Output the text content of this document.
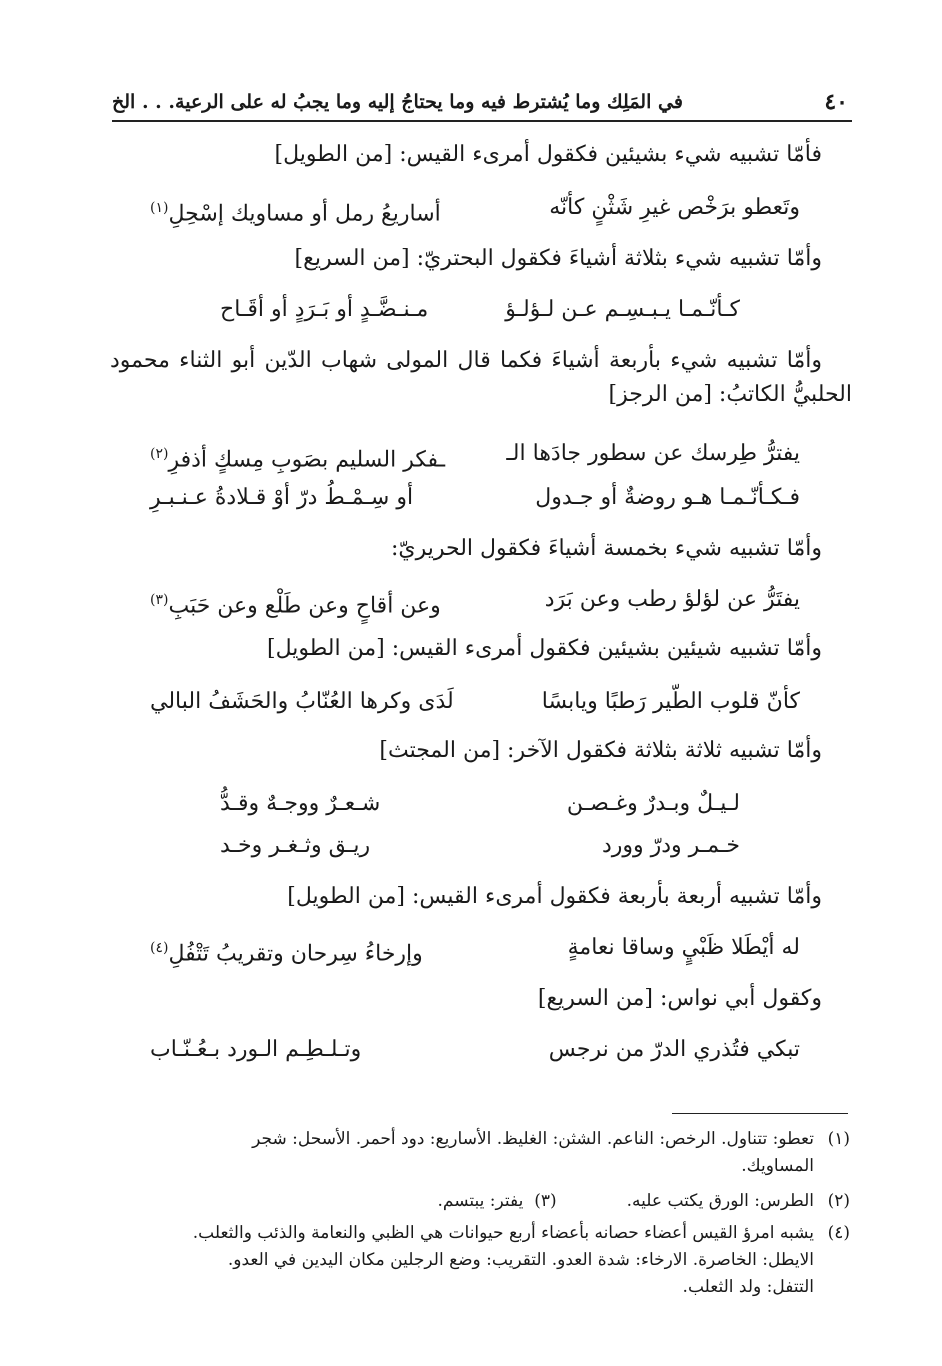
٤٠
في المَلِك وما يُشترط فيه وما يحتاجُ إليه وما يجبُ له على الرعية. . . الخ
فأمّا تشبيه شيء بشيئين فكقول أمرىء القيس: [من الطويل]
وتَعطو برَخْص غيرِ شَثْنٍ كأنّه
أساريعُ رمل أو مساويك إسْحِلِ$^{(١)}$
وأمّا تشبيه شيء بثلاثة أشياءَ فكقول البحتريّ: [من السريع]
كـأنّـمـا يـبـسِـم عـن لـؤلـؤ
مـنـضَّـدٍ أو بَـرَدٍ أو أقَـاح
وأمّا تشبيه شيء بأربعة أشياءَ فكما قال المولى شهاب الدّين أبو الثناء محمود
الحلبيُّ الكاتبُ: [من الرجز]
يفترُّ طِرسك عن سطور جادَها الـ
ـفكر السليم بصَوبِ مِسكٍ أذفرِ$^{(٢)}$
فـكـأنّـمـا هـو روضةٌ أو جـدول
أو سِـمْـطُ درّ أوْ قـلادةُ عـنـبـرِ
وأمّا تشبيه شيء بخمسة أشياءَ فكقول الحريريّ:
يفتَرُّ عن لؤلؤ رطب وعن بَرَد
وعن أقاحٍ وعن طَلْع وعن حَبَبِ$^{(٣)}$
وأمّا تشبيه شيئين بشيئين فكقول أمرىء القيس: [من الطويل]
كأنّ قلوب الطّير رَطبًا ويابسًا
لَدَى وكرها العُنّابُ والحَشَفُ البالي
وأمّا تشبيه ثلاثة بثلاثة فكقول الآخر: [من المجتث]
لـيـلٌ وبـدرٌ وغـصـن
شـعـرٌ ووجـهٌ وقـدُّ
خـمـر ودرّ وورد
ريـق وثـغـر وخـد
وأمّا تشبيه أربعة بأربعة فكقول أمرىء القيس: [من الطويل]
له أيْطَلا ظَبْيٍ وساقا نعامةٍ
وإرخاءُ سِرحان وتقريبُ تَتْفُلِ$^{(٤)}$
وكقول أبي نواس: [من السريع]
تبكي فتُذري الدرّ من نرجس
وتـلـطِـم الـورد بـعُـنّـاب
(١)تعطو: تتناول. الرخص: الناعم. الشثن: الغليظ. الأساريع: دود أحمر. الأسحل: شجر
المساويك.
(٢)الطرس: الورق يكتب عليه.(٣)  يفتر: يبتسم.
(٤)يشبه امرؤ القيس أعضاء حصانه بأعضاء أربع حيوانات هي الظبي والنعامة والذئب والثعلب.
الايطل: الخاصرة. الارخاء: شدة العدو. التقريب: وضع الرجلين مكان اليدين في العدو.
التتفل: ولد الثعلب.
